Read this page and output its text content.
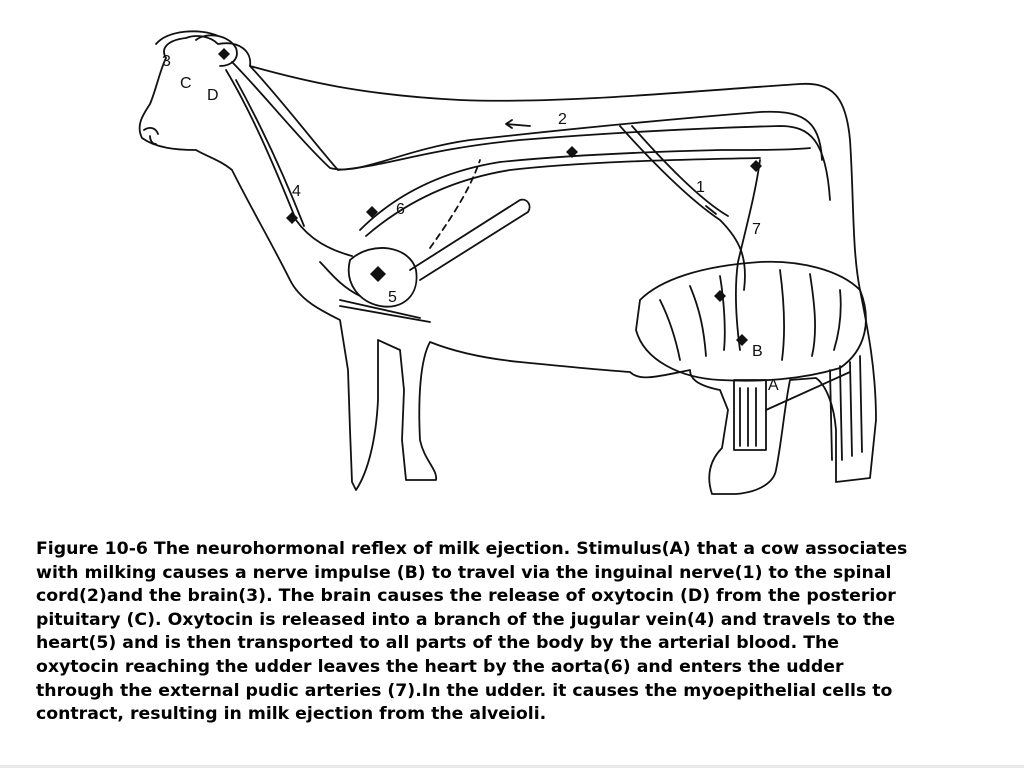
3
C
D
4
6
5
2
1
7
B
A

Figure 10-6 The neurohormonal reflex of milk ejection. Stimulus(A) that a cow associates
with milking causes a nerve impulse (B) to travel via the inguinal nerve(1) to the spinal
cord(2)and the brain(3). The brain causes the release of oxytocin (D) from the posterior
pituitary (C). Oxytocin is released into a branch of the jugular vein(4) and travels to the
heart(5) and is then transported to all parts of the body by the arterial blood. The
oxytocin reaching the udder leaves the heart by the aorta(6) and enters the udder
through the external pudic arteries (7).In the udder. it causes the myoepithelial cells to
contract, resulting in milk ejection from the alveioli.
